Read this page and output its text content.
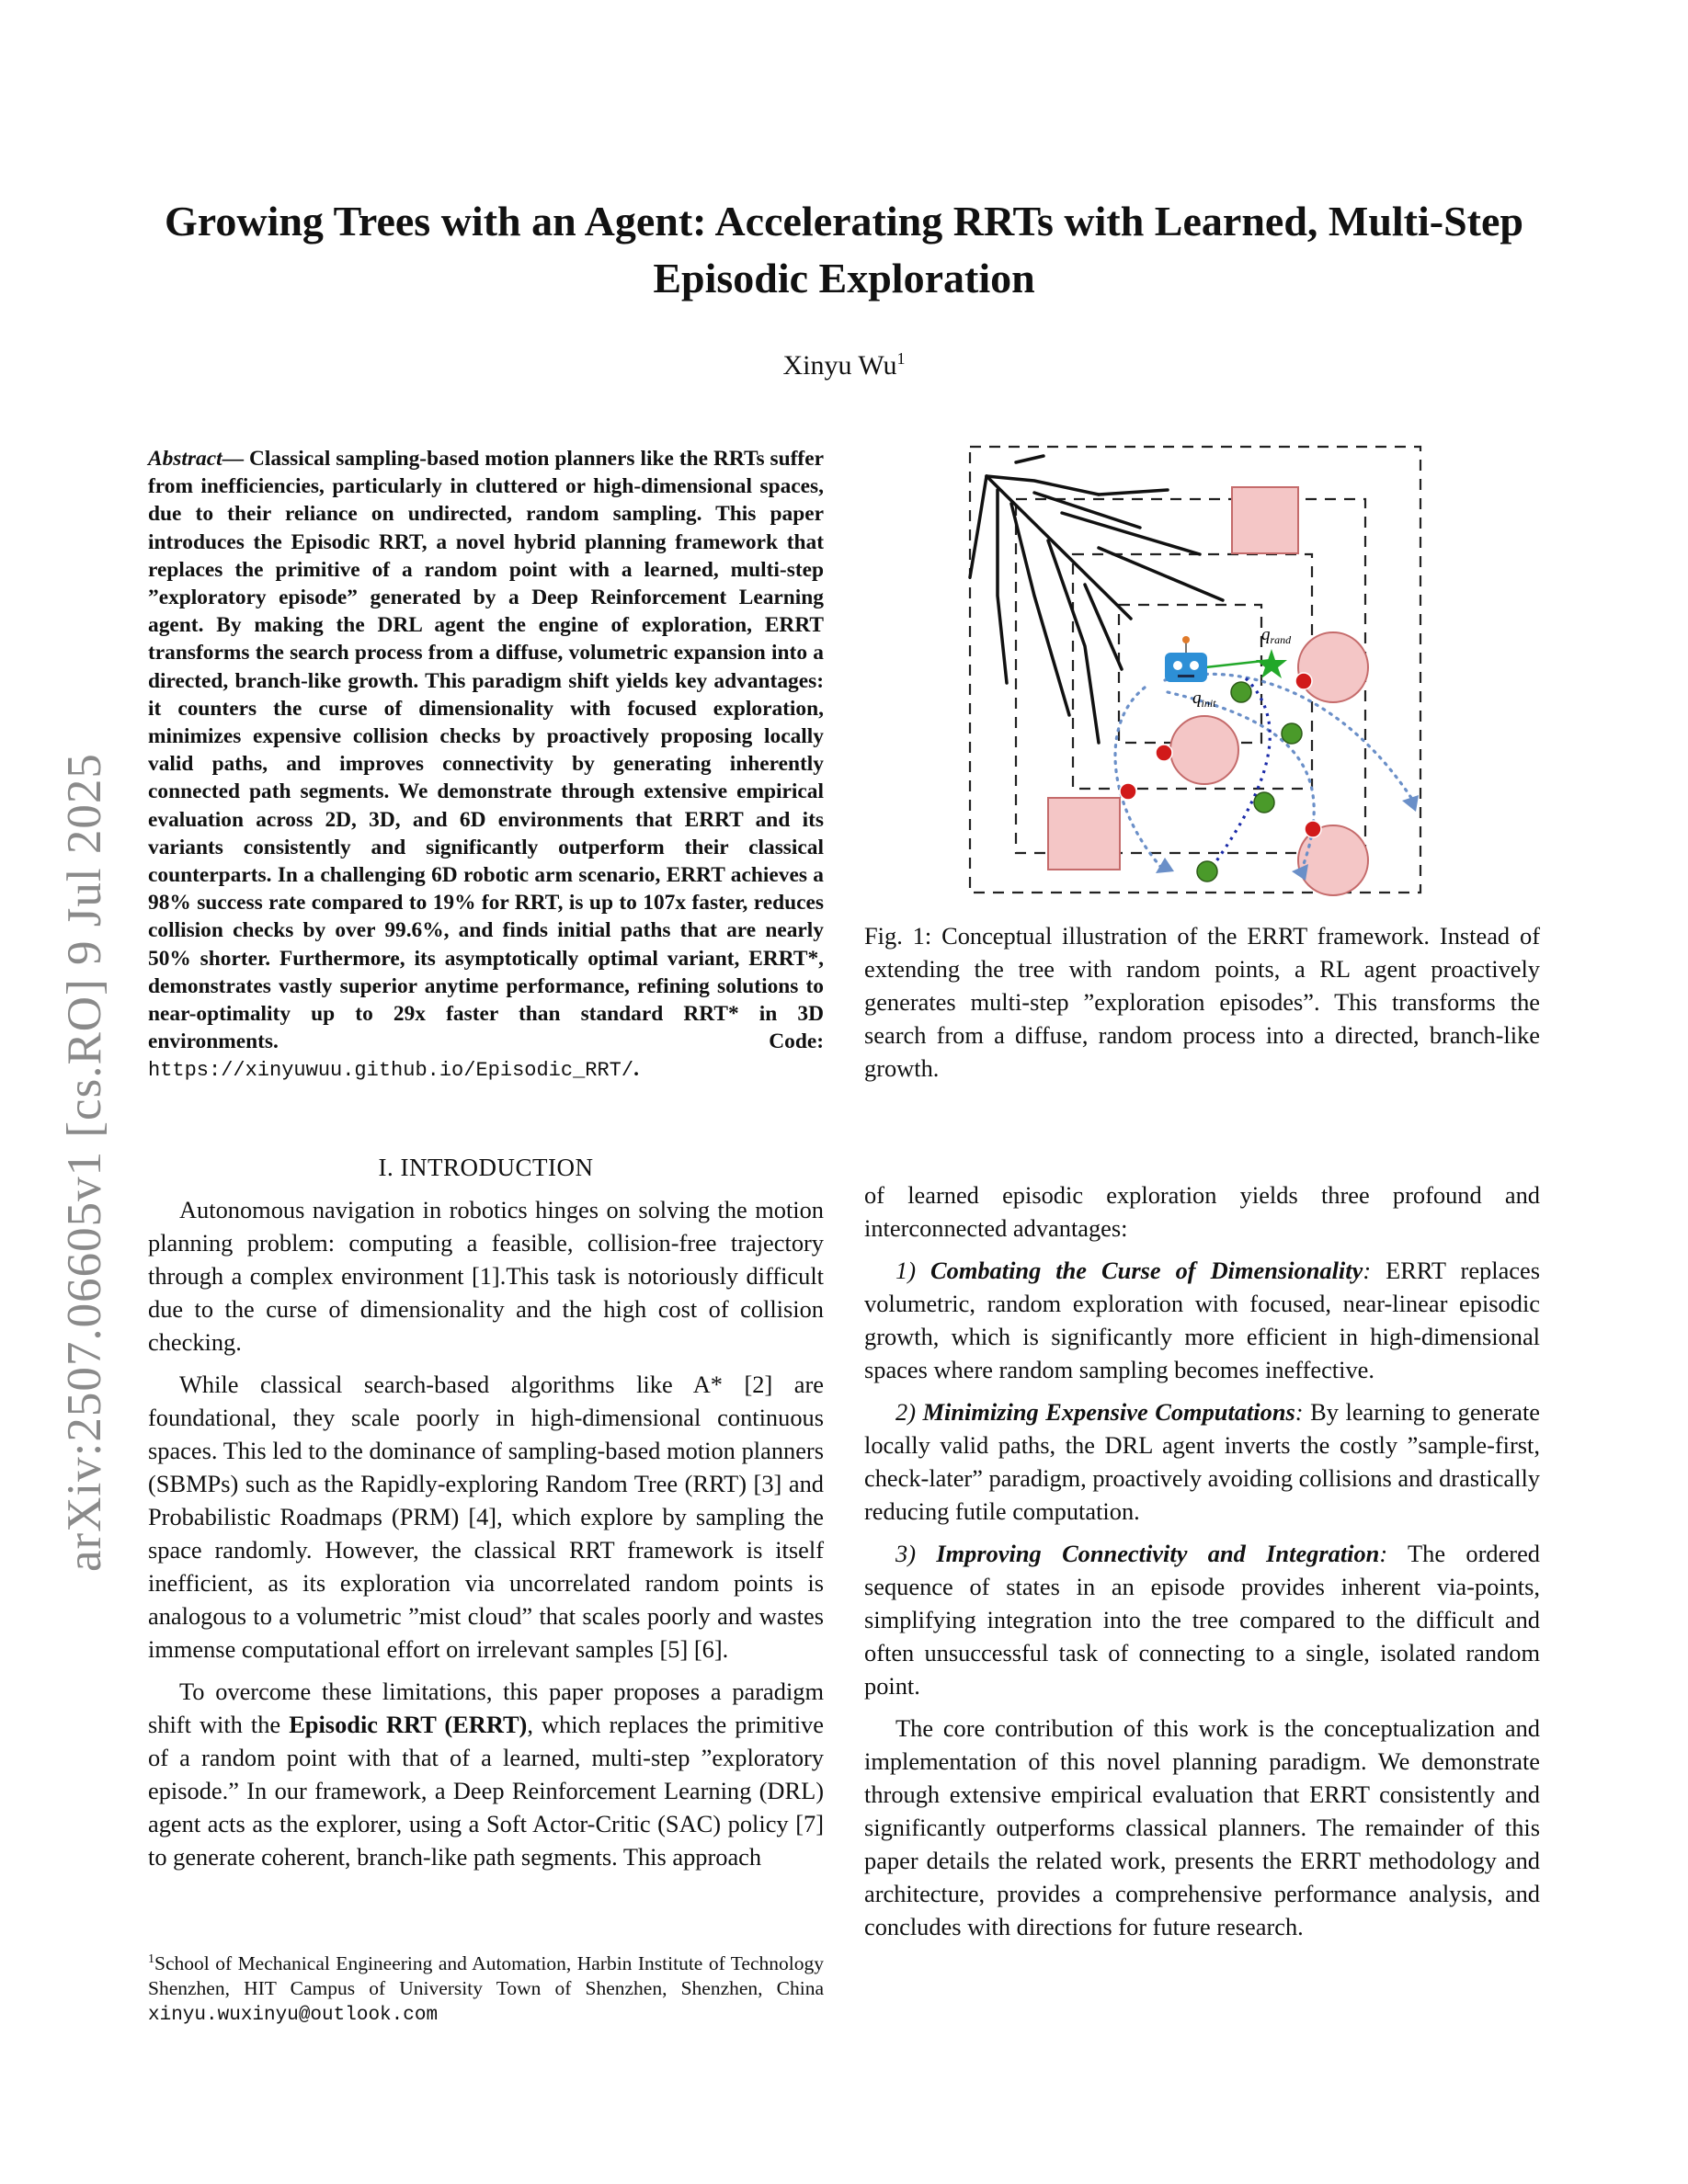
Growing Trees with an Agent: Accelerating RRTs with Learned, Multi-Step Episodic Exploration
Xinyu Wu$^1$
arXiv:2507.06605v1 [cs.RO] 9 Jul 2025
Abstract— Classical sampling-based motion planners like the RRTs suffer from inefficiencies, particularly in cluttered or high-dimensional spaces, due to their reliance on undirected, random sampling. This paper introduces the Episodic RRT, a novel hybrid planning framework that replaces the primitive of a random point with a learned, multi-step ”exploratory episode” generated by a Deep Reinforcement Learning agent. By making the DRL agent the engine of exploration, ERRT transforms the search process from a diffuse, volumetric expansion into a directed, branch-like growth. This paradigm shift yields key advantages: it counters the curse of dimensionality with focused exploration, minimizes expensive collision checks by proactively proposing locally valid paths, and improves connectivity by generating inherently connected path segments. We demonstrate through extensive empirical evaluation across 2D, 3D, and 6D environments that ERRT and its variants consistently and significantly outperform their classical counterparts. In a challenging 6D robotic arm scenario, ERRT achieves a 98% success rate compared to 19% for RRT, is up to 107x faster, reduces collision checks by over 99.6%, and finds initial paths that are nearly 50% shorter. Furthermore, its asymptotically optimal variant, ERRT*, demonstrates vastly superior anytime performance, refining solutions to near-optimality up to 29x faster than standard RRT* in 3D environments. Code: https://xinyuwuu.github.io/Episodic_RRT/.
$q_{rand}$
$q_{init}$
Fig. 1: Conceptual illustration of the ERRT framework. Instead of extending the tree with random points, a RL agent proactively generates multi-step ”exploration episodes”. This transforms the search from a diffuse, random process into a directed, branch-like growth.
I. INTRODUCTION

Autonomous navigation in robotics hinges on solving the motion planning problem: computing a feasible, collision-free trajectory through a complex environment [1].This task is notoriously difficult due to the curse of dimensionality and the high cost of collision checking.

While classical search-based algorithms like A* [2] are foundational, they scale poorly in high-dimensional continuous spaces. This led to the dominance of sampling-based motion planners (SBMPs) such as the Rapidly-exploring Random Tree (RRT) [3] and Probabilistic Roadmaps (PRM) [4], which explore by sampling the space randomly. However, the classical RRT framework is itself inefficient, as its exploration via uncorrelated random points is analogous to a volumetric ”mist cloud” that scales poorly and wastes immense computational effort on irrelevant samples [5] [6].

To overcome these limitations, this paper proposes a paradigm shift with the Episodic RRT (ERRT), which replaces the primitive of a random point with that of a learned, multi-step ”exploratory episode.” In our framework, a Deep Reinforcement Learning (DRL) agent acts as the explorer, using a Soft Actor-Critic (SAC) policy [7] to generate coherent, branch-like path segments. This approach

$^1$School of Mechanical Engineering and Automation, Harbin Institute of Technology Shenzhen, HIT Campus of University Town of Shenzhen, Shenzhen, China xinyu.wuxinyu@outlook.com

of learned episodic exploration yields three profound and interconnected advantages:

1) Combating the Curse of Dimensionality: ERRT replaces volumetric, random exploration with focused, near-linear episodic growth, which is significantly more efficient in high-dimensional spaces where random sampling becomes ineffective.

2) Minimizing Expensive Computations: By learning to generate locally valid paths, the DRL agent inverts the costly ”sample-first, check-later” paradigm, proactively avoiding collisions and drastically reducing futile computation.

3) Improving Connectivity and Integration: The ordered sequence of states in an episode provides inherent via-points, simplifying integration into the tree compared to the difficult and often unsuccessful task of connecting to a single, isolated random point.

The core contribution of this work is the conceptualization and implementation of this novel planning paradigm. We demonstrate through extensive empirical evaluation that ERRT consistently and significantly outperforms classical planners. The remainder of this paper details the related work, presents the ERRT methodology and architecture, provides a comprehensive performance analysis, and concludes with directions for future research.
